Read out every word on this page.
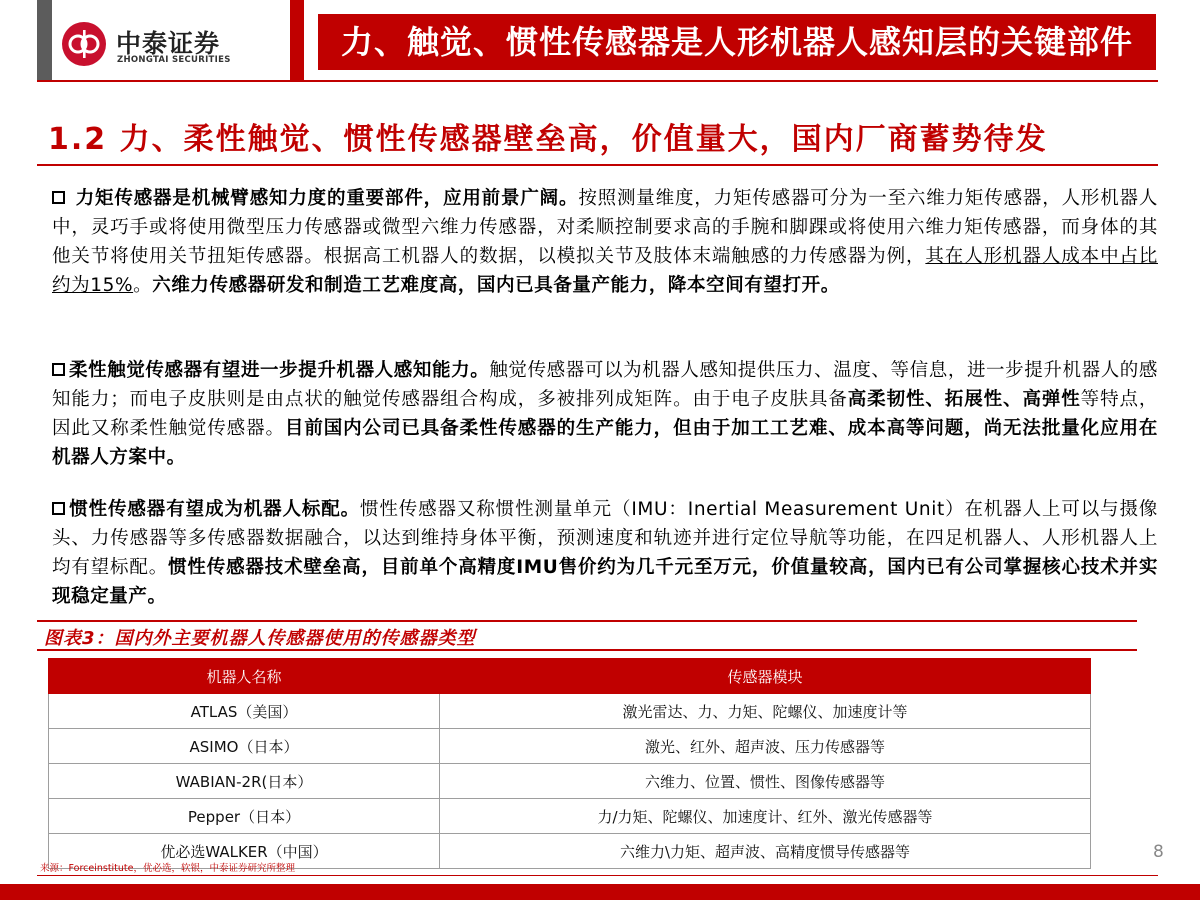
中泰证券
ZHONGTAI SECURITIES	力、触觉、惯性传感器是人形机器人感知层的关键部件
1.2 力、柔性触觉、惯性传感器壁垒高，价值量大，国内厂商蓄势待发
力矩传感器是机械臂感知力度的重要部件，应用前景广阔。按照测量维度，力矩传感器可分为一至六维力矩传感器，人形机器人中，灵巧手或将使用微型压力传感器或微型六维力传感器，对柔顺控制要求高的手腕和脚踝或将使用六维力矩传感器，而身体的其他关节将使用关节扭矩传感器。根据高工机器人的数据，以模拟关节及肢体末端触感的力传感器为例，其在人形机器人成本中占比约为15%。六维力传感器研发和制造工艺难度高，国内已具备量产能力，降本空间有望打开。
柔性触觉传感器有望进一步提升机器人感知能力。触觉传感器可以为机器人感知提供压力、温度、等信息，进一步提升机器人的感知能力；而电子皮肤则是由点状的触觉传感器组合构成，多被排列成矩阵。由于电子皮肤具备高柔韧性、拓展性、高弹性等特点，因此又称柔性触觉传感器。目前国内公司已具备柔性传感器的生产能力，但由于加工工艺难、成本高等问题，尚无法批量化应用在机器人方案中。
惯性传感器有望成为机器人标配。惯性传感器又称惯性测量单元（IMU：Inertial Measurement Unit）在机器人上可以与摄像头、力传感器等多传感器数据融合，以达到维持身体平衡，预测速度和轨迹并进行定位导航等功能，在四足机器人、人形机器人上均有望标配。惯性传感器技术壁垒高，目前单个高精度IMU售价约为几千元至万元，价值量较高，国内已有公司掌握核心技术并实现稳定量产。
图表3：国内外主要机器人传感器使用的传感器类型
机器人名称	传感器模块
ATLAS（美国）	激光雷达、力、力矩、陀螺仪、加速度计等
ASIMO（日本）	激光、红外、超声波、压力传感器等
WABIAN-2R(日本）	六维力、位置、惯性、图像传感器等
Pepper（日本）	力/力矩、陀螺仪、加速度计、红外、激光传感器等
优必选WALKER（中国）	六维力\力矩、超声波、高精度惯导传感器等	8
来源：Forceinstitute，优必选，软银，中泰证券研究所整理
